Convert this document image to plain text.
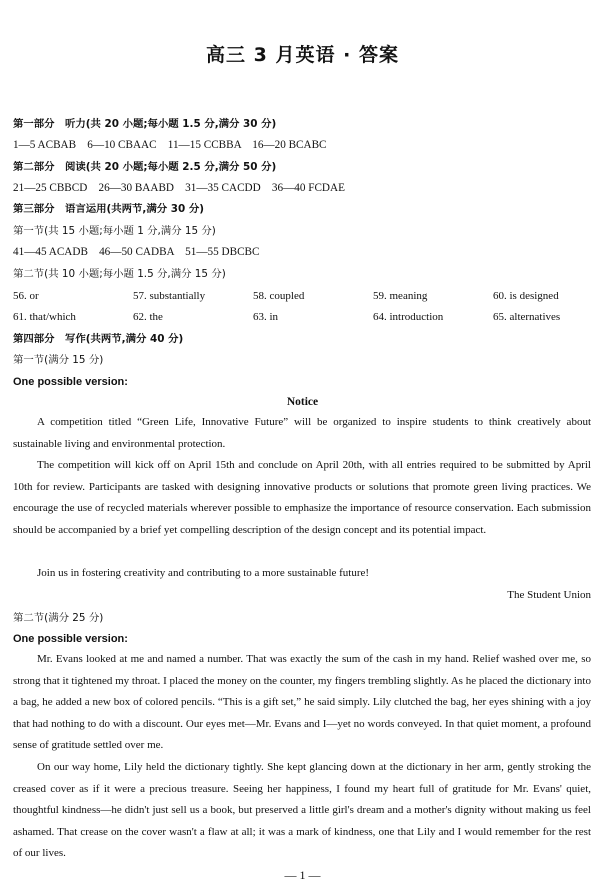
高三 3 月英语 · 答案
第一部分　听力(共 20 小题;每小题 1.5 分,满分 30 分)
1—5 ACBAB　6—10 CBAAC　11—15 CCBBA　16—20 BCABC
第二部分　阅读(共 20 小题;每小题 2.5 分,满分 50 分)
21—25 CBBCD　26—30 BAABD　31—35 CACDD　36—40 FCDAE
第三部分　语言运用(共两节,满分 30 分)
第一节(共 15 小题;每小题 1 分,满分 15 分)
41—45 ACADB　46—50 CADBA　51—55 DBCBC
第二节(共 10 小题;每小题 1.5 分,满分 15 分)
56. or	57. substantially	58. coupled	59. meaning	60. is designed
61. that/which	62. the	63. in	64. introduction	65. alternatives
第四部分　写作(共两节,满分 40 分)
第一节(满分 15 分)
One possible version:
Notice

A competition titled “Green Life, Innovative Future” will be organized to inspire students to think creatively about sustainable living and environmental protection.

The competition will kick off on April 15th and conclude on April 20th, with all entries required to be submitted by April 10th for review. Participants are tasked with designing innovative products or solutions that promote green living practices. We encourage the use of recycled materials wherever possible to emphasize the importance of resource conservation. Each submission should be accompanied by a brief yet compelling description of the design concept and its potential impact.

Join us in fostering creativity and contributing to a more sustainable future!

The Student Union
第二节(满分 25 分)
One possible version:

Mr. Evans looked at me and named a number. That was exactly the sum of the cash in my hand. Relief washed over me, so strong that it tightened my throat. I placed the money on the counter, my fingers trembling slightly. As he placed the dictionary into a bag, he added a new box of colored pencils. “This is a gift set,” he said simply. Lily clutched the bag, her eyes shining with a joy that had nothing to do with a discount. Our eyes met—Mr. Evans and I—yet no words conveyed. In that quiet moment, a profound sense of gratitude settled over me.

On our way home, Lily held the dictionary tightly. She kept glancing down at the dictionary in her arm, gently stroking the creased cover as if it were a precious treasure. Seeing her happiness, I found my heart full of gratitude for Mr. Evans' quiet, thoughtful kindness—he didn't just sell us a book, but preserved a little girl's dream and a mother's dignity without making us feel ashamed. That crease on the cover wasn't a flaw at all; it was a mark of kindness, one that Lily and I would remember for the rest of our lives.

— 1 —
